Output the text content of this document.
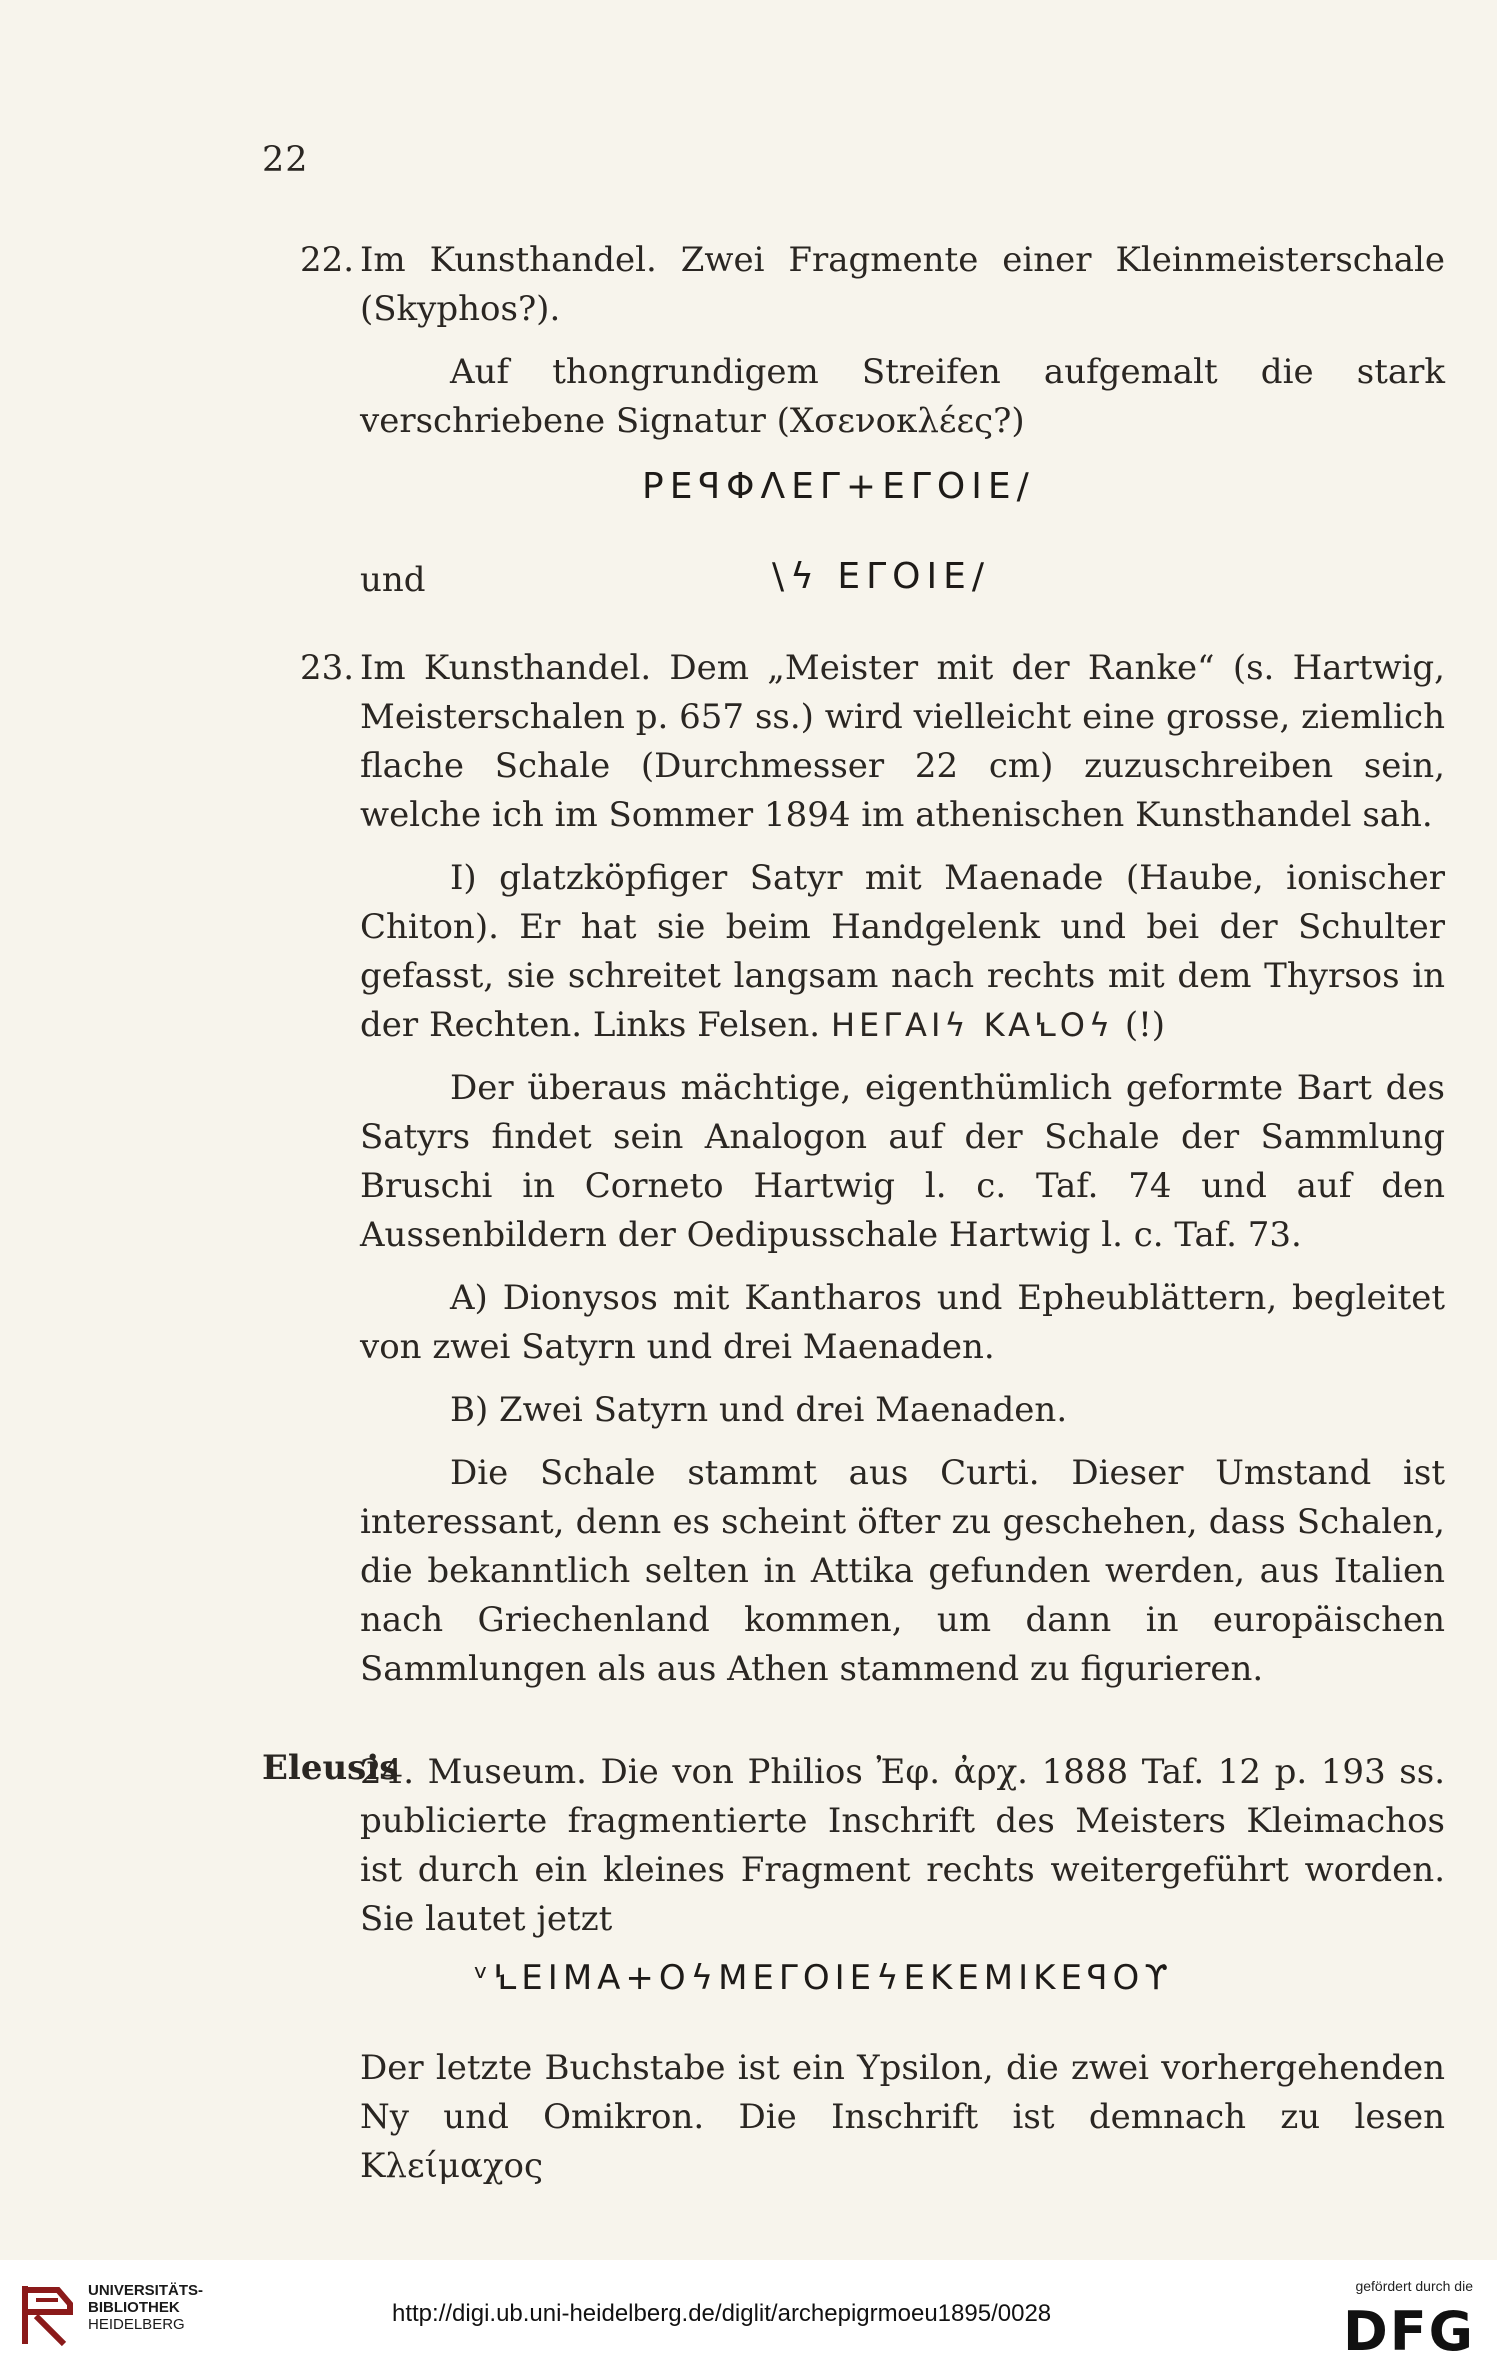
22
22. Im Kunsthandel. Zwei Fragmente einer Kleinmeisterschale (Skyphos?).

Auf thongrundigem Streifen aufgemalt die stark verschriebene Signatur (Χσενοκλέες?)

PEꟼΦΛEΓ+EΓOIE/
und	\ϟ EΓOIE/
23. Im Kunsthandel. Dem „Meister mit der Ranke“ (s. Hartwig, Meisterschalen p. 657 ss.) wird vielleicht eine grosse, ziemlich flache Schale (Durchmesser 22 cm) zuzuschreiben sein, welche ich im Sommer 1894 im athenischen Kunsthandel sah.

I) glatzköpfiger Satyr mit Maenade (Haube, ionischer Chiton). Er hat sie beim Handgelenk und bei der Schulter gefasst, sie schreitet langsam nach rechts mit dem Thyrsos in der Rechten. Links Felsen. HEΓAIϟ KAꝆOϟ (!)

Der überaus mächtige, eigenthümlich geformte Bart des Satyrs findet sein Analogon auf der Schale der Sammlung Bruschi in Corneto Hartwig l. c. Taf. 74 und auf den Aussenbildern der Oedipusschale Hartwig l. c. Taf. 73.

A) Dionysos mit Kantharos und Epheublättern, begleitet von zwei Satyrn und drei Maenaden.

B) Zwei Satyrn und drei Maenaden.

Die Schale stammt aus Curti. Dieser Umstand ist interessant, denn es scheint öfter zu geschehen, dass Schalen, die bekanntlich selten in Attika gefunden werden, aus Italien nach Griechenland kommen, um dann in europäischen Sammlungen als aus Athen stammend zu figurieren.

Eleusis

24. Museum. Die von Philios Ἐφ. ἀρχ. 1888 Taf. 12 p. 193 ss. publicierte fragmentierte Inschrift des Meisters Kleimachos ist durch ein kleines Fragment rechts weitergeführt worden. Sie lautet jetzt

ᵛꝆEIMA+OϟMEΓOIEϟEKEMIKEꟼOϒ

Der letzte Buchstabe ist ein Ypsilon, die zwei vorhergehenden Ny und Omikron. Die Inschrift ist demnach zu lesen Κλείμαχος

UNIVERSITÄTS-
BIBLIOTHEK
HEIDELBERG	http://digi.ub.uni-heidelberg.de/diglit/archepigrmoeu1895/0028
gefördert durch die
DFG
